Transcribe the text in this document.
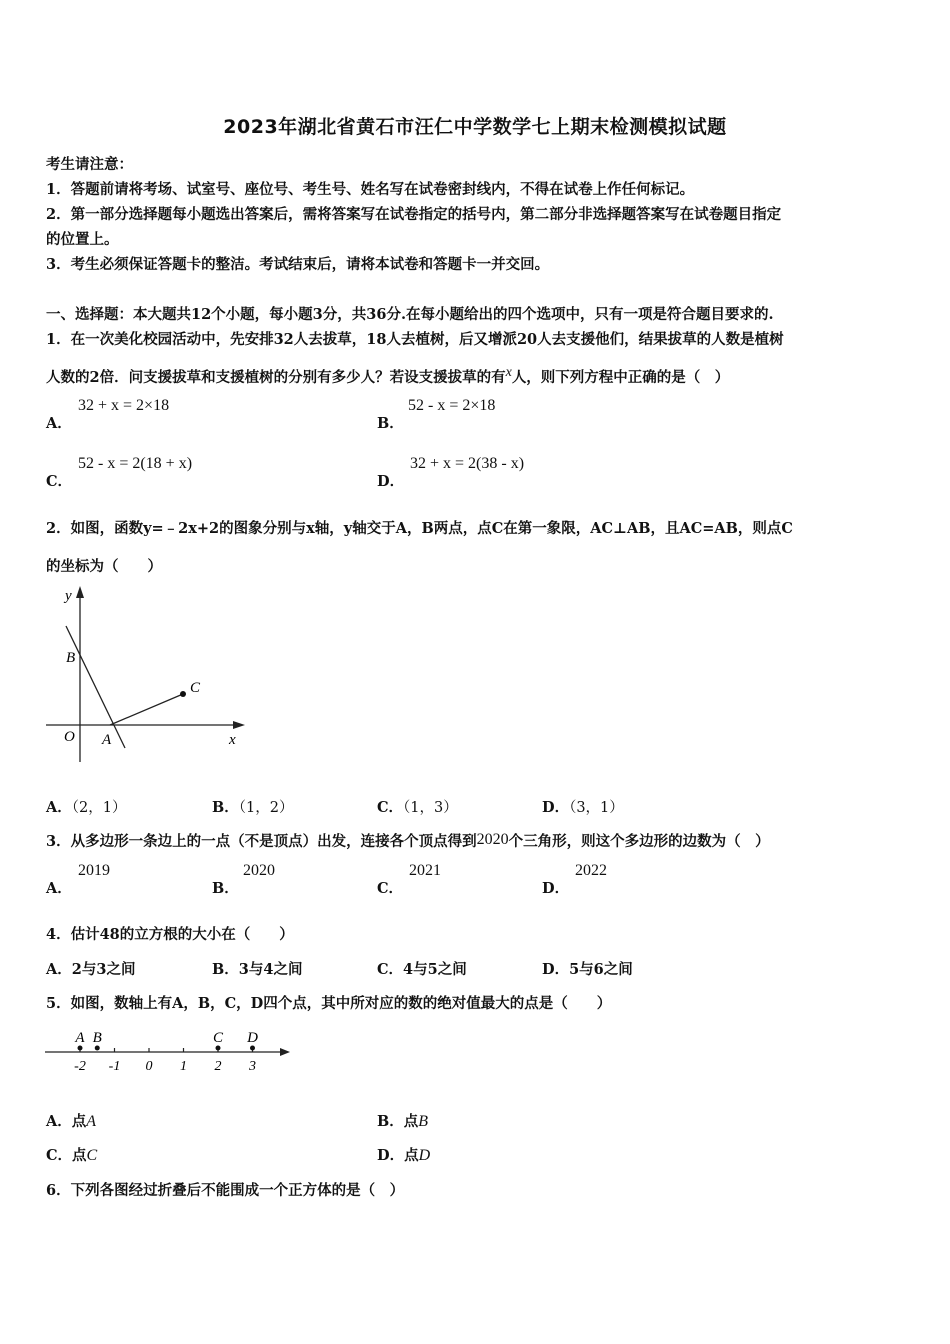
2023年湖北省黄石市汪仁中学数学七上期末检测模拟试题
考生请注意：
1．答题前请将考场、试室号、座位号、考生号、姓名写在试卷密封线内，不得在试卷上作任何标记。
2．第一部分选择题每小题选出答案后，需将答案写在试卷指定的括号内，第二部分非选择题答案写在试卷题目指定
的位置上。
3．考生必须保证答题卡的整洁。考试结束后，请将本试卷和答题卡一并交回。
一、选择题：本大题共12个小题，每小题3分，共36分.在每小题给出的四个选项中，只有一项是符合题目要求的.
1．在一次美化校园活动中，先安排32人去拔草，18人去植树，后又增派20人去支援他们，结果拔草的人数是植树
人数的2倍．问支援拔草和支援植树的分别有多少人？若设支援拔草的有x人，则下列方程中正确的是（　）
A．
32 + x = 2×18
B．
52 - x = 2×18
C．
52 - x = 2(18 + x)
D．
32 + x = 2(38 - x)
2．如图，函数y=﹣2x+2的图象分别与x轴，y轴交于A，B两点，点C在第一象限，AC⊥AB，且AC=AB，则点C
的坐标为（　　）
y
B
C
O A	x
A．（2，1）	B．（1，2）	C．（1，3）	D．（3，1）
3．从多边形一条边上的一点（不是顶点）出发，连接各个顶点得到2020个三角形，则这个多边形的边数为（　）
A．
2019
B．
2020
C．
2021
D．
2022
4．估计48的立方根的大小在（　　）
A．2与3之间	B．3与4之间	C．4与5之间	D．5与6之间
5．如图，数轴上有A，B，C，D四个点，其中所对应的数的绝对值最大的点是（　　）
-2 -1 0 1 2 3
A B	C D
A．点A	B．点B
C．点C	D．点D
6．下列各图经过折叠后不能围成一个正方体的是（　）
